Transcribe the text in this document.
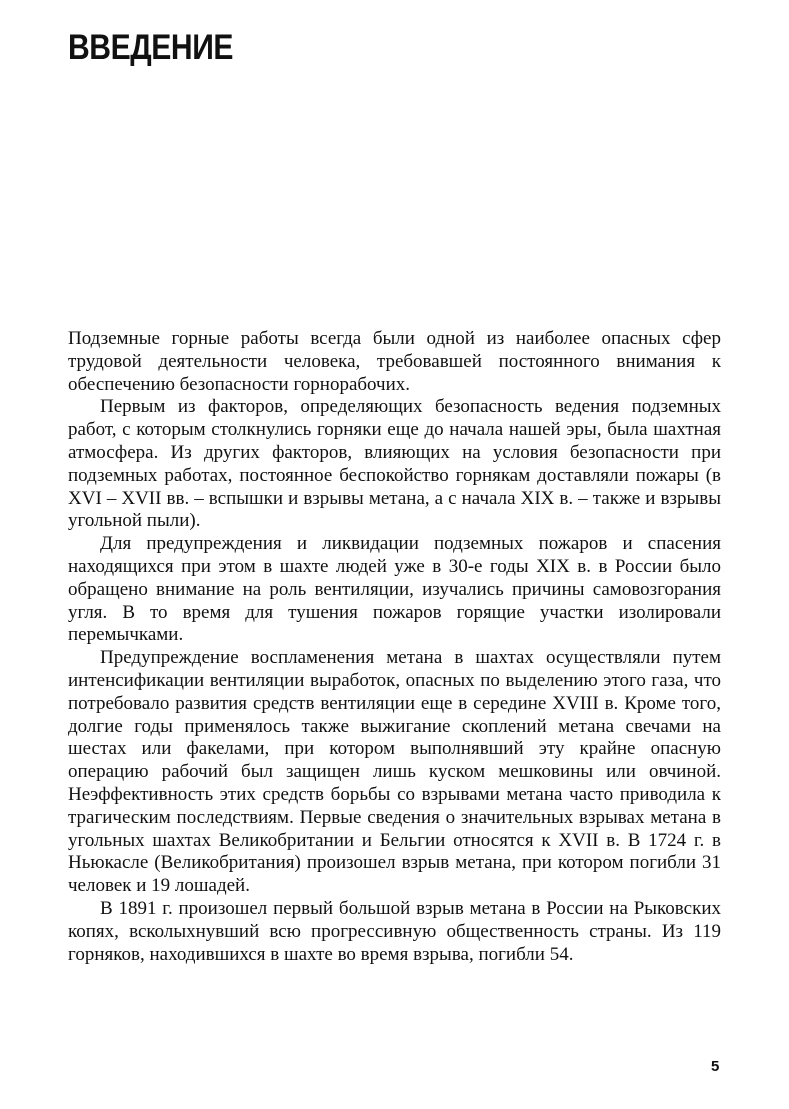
ВВЕДЕНИЕ

Подземные горные работы всегда были одной из наиболее опасных сфер трудовой деятельности человека, требовавшей постоянного внимания к обеспечению безопасности горнорабочих.

Первым из факторов, определяющих безопасность ведения подземных работ, с которым столкнулись горняки еще до начала нашей эры, была шахтная атмосфера. Из других факторов, влияющих на условия безопасности при подземных работах, постоянное беспокойство горнякам доставляли пожары (в XVI – XVII вв. – вспышки и взрывы метана, а с начала XIX в. – также и взрывы угольной пыли).

Для предупреждения и ликвидации подземных пожаров и спасения находящихся при этом в шахте людей уже в 30-е годы XIX в. в России было обращено внимание на роль вентиляции, изучались причины самовозгорания угля. В то время для тушения пожаров горящие участки изолировали перемычками.

Предупреждение воспламенения метана в шахтах осуществляли путем интенсификации вентиляции выработок, опасных по выделению этого газа, что потребовало развития средств вентиляции еще в середине XVIII в. Кроме того, долгие годы применялось также выжигание скоплений метана свечами на шестах или факелами, при котором выполнявший эту крайне опасную операцию рабочий был защищен лишь куском мешковины или овчиной. Неэффективность этих средств борьбы со взрывами метана часто приводила к трагическим последствиям. Первые сведения о значительных взрывах метана в угольных шахтах Великобритании и Бельгии относятся к XVII в. В 1724 г. в Ньюкасле (Великобритания) произошел взрыв метана, при котором погибли 31 человек и 19 лошадей.

В 1891 г. произошел первый большой взрыв метана в России на Рыковских копях, всколыхнувший всю прогрессивную общественность страны. Из 119 горняков, находившихся в шахте во время взрыва, погибли 54.

5
